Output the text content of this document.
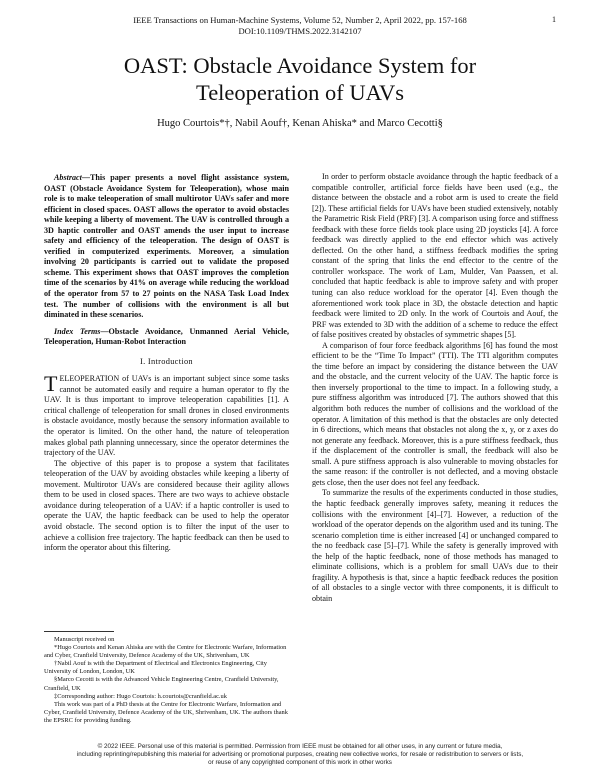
IEEE Transactions on Human-Machine Systems, Volume 52, Number 2, April 2022, pp. 157-168
DOI:10.1109/THMS.2022.3142107
1
OAST: Obstacle Avoidance System for
Teleoperation of UAVs
Hugo Courtois*†, Nabil Aouf†, Kenan Ahiska* and Marco Cecotti§

Abstract—This paper presents a novel flight assistance system, OAST (Obstacle Avoidance System for Teleoperation), whose main role is to make teleoperation of small multirotor UAVs safer and more efficient in closed spaces. OAST allows the operator to avoid obstacles while keeping a liberty of movement. The UAV is controlled through a 3D haptic controller and OAST amends the user input to increase safety and efficiency of the teleoperation. The design of OAST is verified in computerized experiments. Moreover, a simulation involving 20 participants is carried out to validate the proposed scheme. This experiment shows that OAST improves the completion time of the scenarios by 41% on average while reducing the workload of the operator from 57 to 27 points on the NASA Task Load Index test. The number of collisions with the environment is all but diminated in these scenarios.

Index Terms—Obstacle Avoidance, Unmanned Aerial Vehicle, Teleoperation, Human-Robot Interaction

I. Introduction

TELEOPERATION of UAVs is an important subject since some tasks cannot be automated easily and require a human operator to fly the UAV. It is thus important to improve teleoperation capabilities [1]. A critical challenge of teleoperation for small drones in closed environments is obstacle avoidance, mostly because the sensory information available to the operator is limited. On the other hand, the nature of teleoperation makes global path planning unnecessary, since the operator determines the trajectory of the UAV.

The objective of this paper is to propose a system that facilitates teleoperation of the UAV by avoiding obstacles while keeping a liberty of movement. Multirotor UAVs are considered because their agility allows them to be used in closed spaces. There are two ways to achieve obstacle avoidance during teleoperation of a UAV: if a haptic controller is used to operate the UAV, the haptic feedback can be used to help the operator avoid obstacle. The second option is to filter the input of the user to achieve a collision free trajectory. The haptic feedback can then be used to inform the operator about this filtering.

Manuscript received on

*Hugo Courtois and Kenan Ahiska are with the Centre for Electronic Warfare, Information and Cyber, Cranfield University, Defence Academy of the UK, Shrivenham, UK

†Nabil Aouf is with the Department of Electrical and Electronics Engineering, City University of London, London, UK

§Marco Cecotti is with the Advanced Vehicle Engineering Centre, Cranfield University, Cranfield, UK

‡Corresponding author: Hugo Courtois: h.courtois@cranfield.ac.uk

This work was part of a PhD thesis at the Centre for Electronic Warfare, Information and Cyber, Cranfield University, Defence Academy of the UK, Shrivenham, UK. The authors thank the EPSRC for providing funding.

In order to perform obstacle avoidance through the haptic feedback of a compatible controller, artificial force fields have been used (e.g., the distance between the obstacle and a robot arm is used to create the field [2]). These artificial fields for UAVs have been studied extensively, notably the Parametric Risk Field (PRF) [3]. A comparison using force and stiffness feedback with these force fields took place using 2D joysticks [4]. A force feedback was directly applied to the end effector which was actively deflected. On the other hand, a stiffness feedback modifies the spring constant of the spring that links the end effector to the centre of the controller workspace. The work of Lam, Mulder, Van Paassen, et al. concluded that haptic feedback is able to improve safety and with proper tuning can also reduce workload for the operator [4]. Even though the aforementioned work took place in 3D, the obstacle detection and haptic feedback were limited to 2D only. In the work of Courtois and Aouf, the PRF was extended to 3D with the addition of a scheme to reduce the effect of false positives created by obstacles of symmetric shapes [5].

A comparison of four force feedback algorithms [6] has found the most efficient to be the “Time To Impact” (TTI). The TTI algorithm computes the time before an impact by considering the distance between the UAV and the obstacle, and the current velocity of the UAV. The haptic force is then inversely proportional to the time to impact. In a following study, a pure stiffness algorithm was introduced [7]. The authors showed that this algorithm both reduces the number of collisions and the workload of the operator. A limitation of this method is that the obstacles are only detected in 6 directions, which means that obstacles not along the x, y, or z axes do not generate any feedback. Moreover, this is a pure stiffness feedback, thus if the displacement of the controller is small, the feedback will also be small. A pure stiffness approach is also vulnerable to moving obstacles for the same reason: if the controller is not deflected, and a moving obstacle gets close, then the user does not feel any feedback.

To summarize the results of the experiments conducted in those studies, the haptic feedback generally improves safety, meaning it reduces the collisions with the environment [4]–[7]. However, a reduction of the workload of the operator depends on the algorithm used and its tuning. The scenario completion time is either increased [4] or unchanged compared to the no feedback case [5]–[7]. While the safety is generally improved with the help of the haptic feedback, none of those methods has managed to eliminate collisions, which is a problem for small UAVs due to their fragility. A hypothesis is that, since a haptic feedback reduces the position of all obstacles to a single vector with three components, it is difficult to obtain

© 2022 IEEE. Personal use of this material is permitted. Permission from IEEE must be obtained for all other uses, in any current or future media,
including reprinting/republishing this material for advertising or promotional purposes, creating new collective works, for resale or redistribution to servers or lists,
or reuse of any copyrighted component of this work in other works
